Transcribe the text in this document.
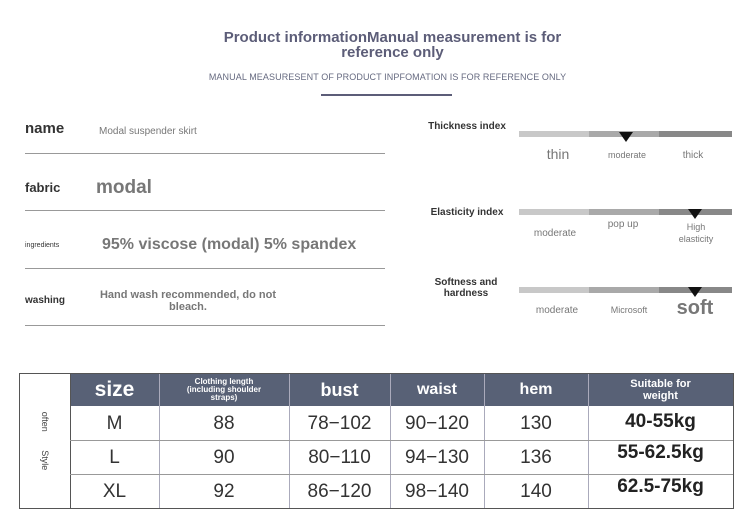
Product informationManual measurement is for reference only
MANUAL MEASURESENT OF PRODUCT INPFOMATION IS FOR REFERENCE ONLY
name	Modal suspender skirt
fabric modal
ingredients	95% viscose (modal) 5% spandex
washing	Hand wash recommended, do not bleach.
Thickness index
thin	moderate	thick
Elasticity index
moderate
pop up	High elasticity
Softness and hardness
moderate	Microsoft	soft
often          Style
size	Clothing length (including shoulder straps)	bust	waist	hem	Suitable for weight
M	88	78−102	90−120	130	40-55kg
L	90	80−110	94−130	136	55-62.5kg
XL	92	86−120	98−140	140	62.5-75kg
